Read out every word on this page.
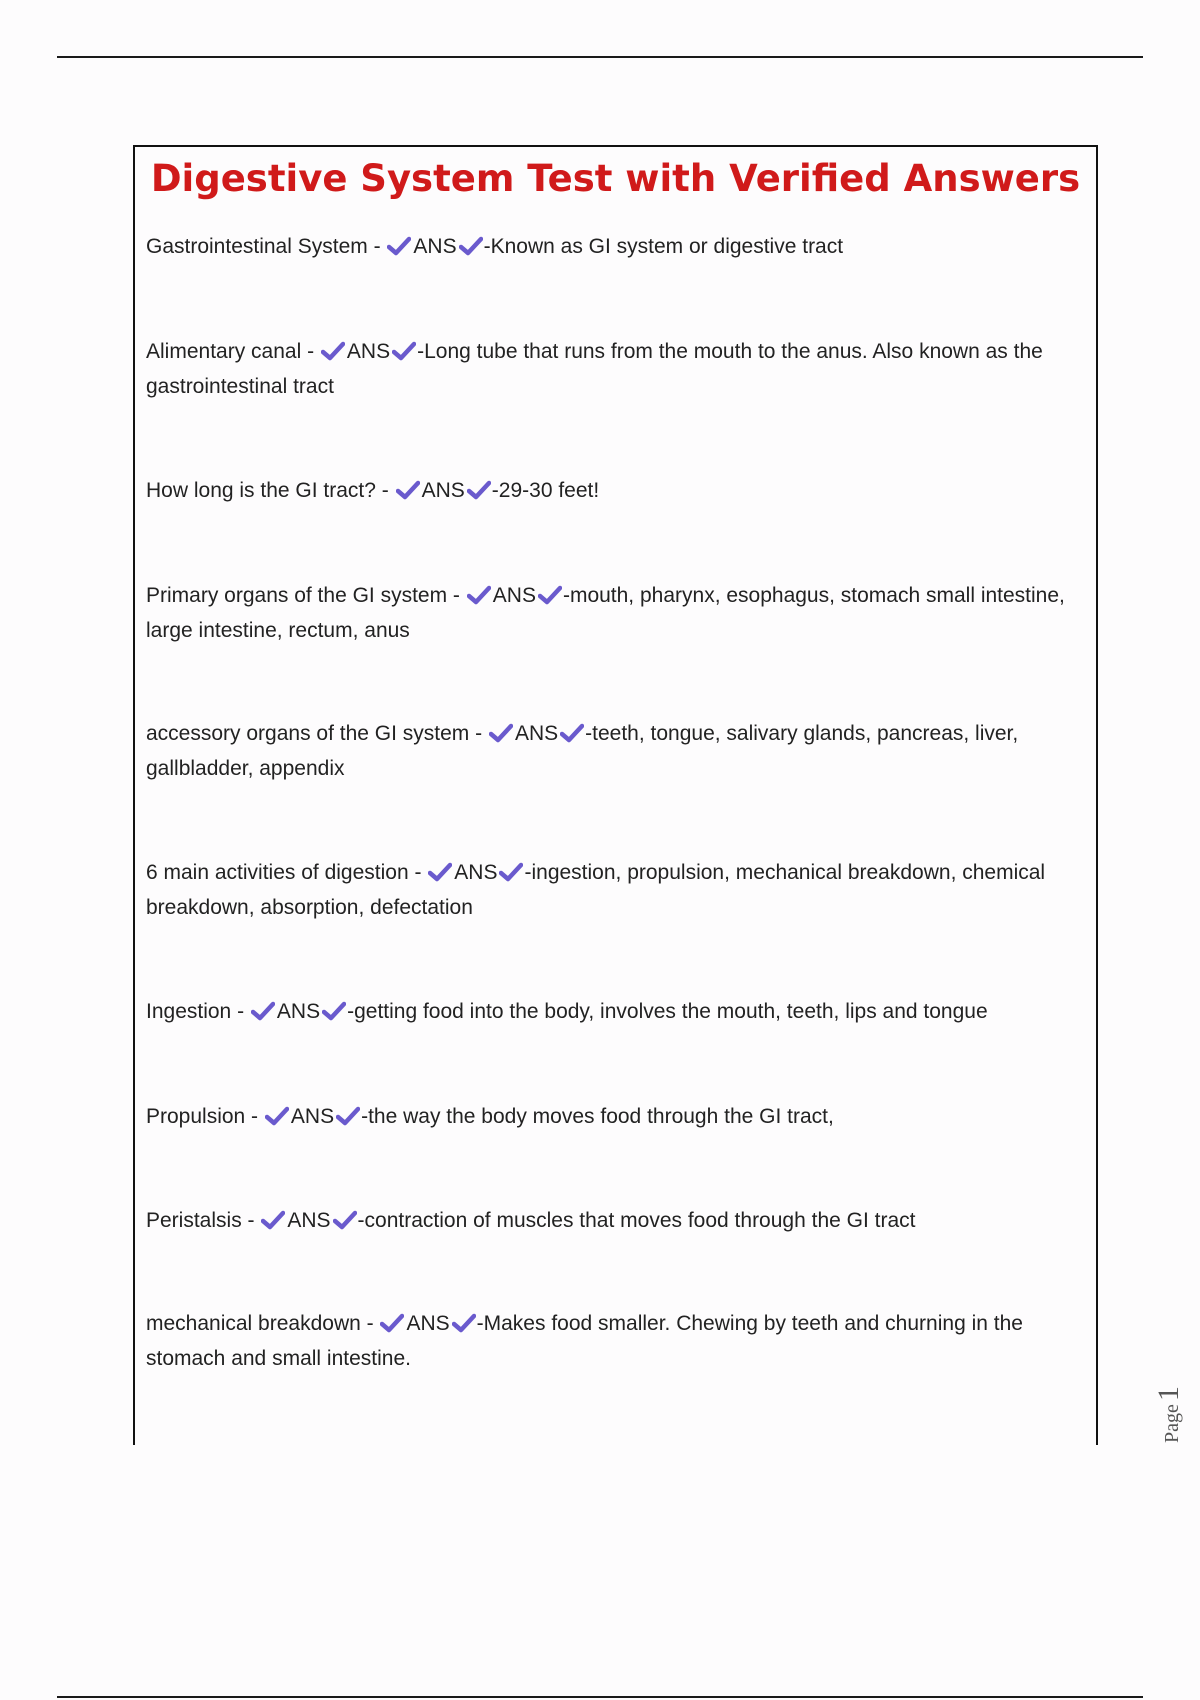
Digestive System Test with Verified Answers
Gastrointestinal System -
ANS -Known as GI system or digestive tract
Alimentary canal -
ANS -Long tube that runs from the mouth to the anus. Also known as the gastrointestinal tract
How long is the GI tract? -
ANS -29-30 feet!
Primary organs of the GI system -
ANS -mouth, pharynx, esophagus, stomach small intestine, large intestine, rectum, anus
accessory organs of the GI system -
ANS -teeth, tongue, salivary glands, pancreas, liver, gallbladder, appendix
6 main activities of digestion -
ANS -ingestion, propulsion, mechanical breakdown, chemical breakdown, absorption, defectation
Ingestion -
ANS -getting food into the body, involves the mouth, teeth, lips and tongue
Propulsion -
ANS -the way the body moves food through the GI tract,
Peristalsis -
ANS -contraction of muscles that moves food through the GI tract
mechanical breakdown -
ANS -Makes food smaller. Chewing by teeth and churning in the stomach and small intestine.
Page1
